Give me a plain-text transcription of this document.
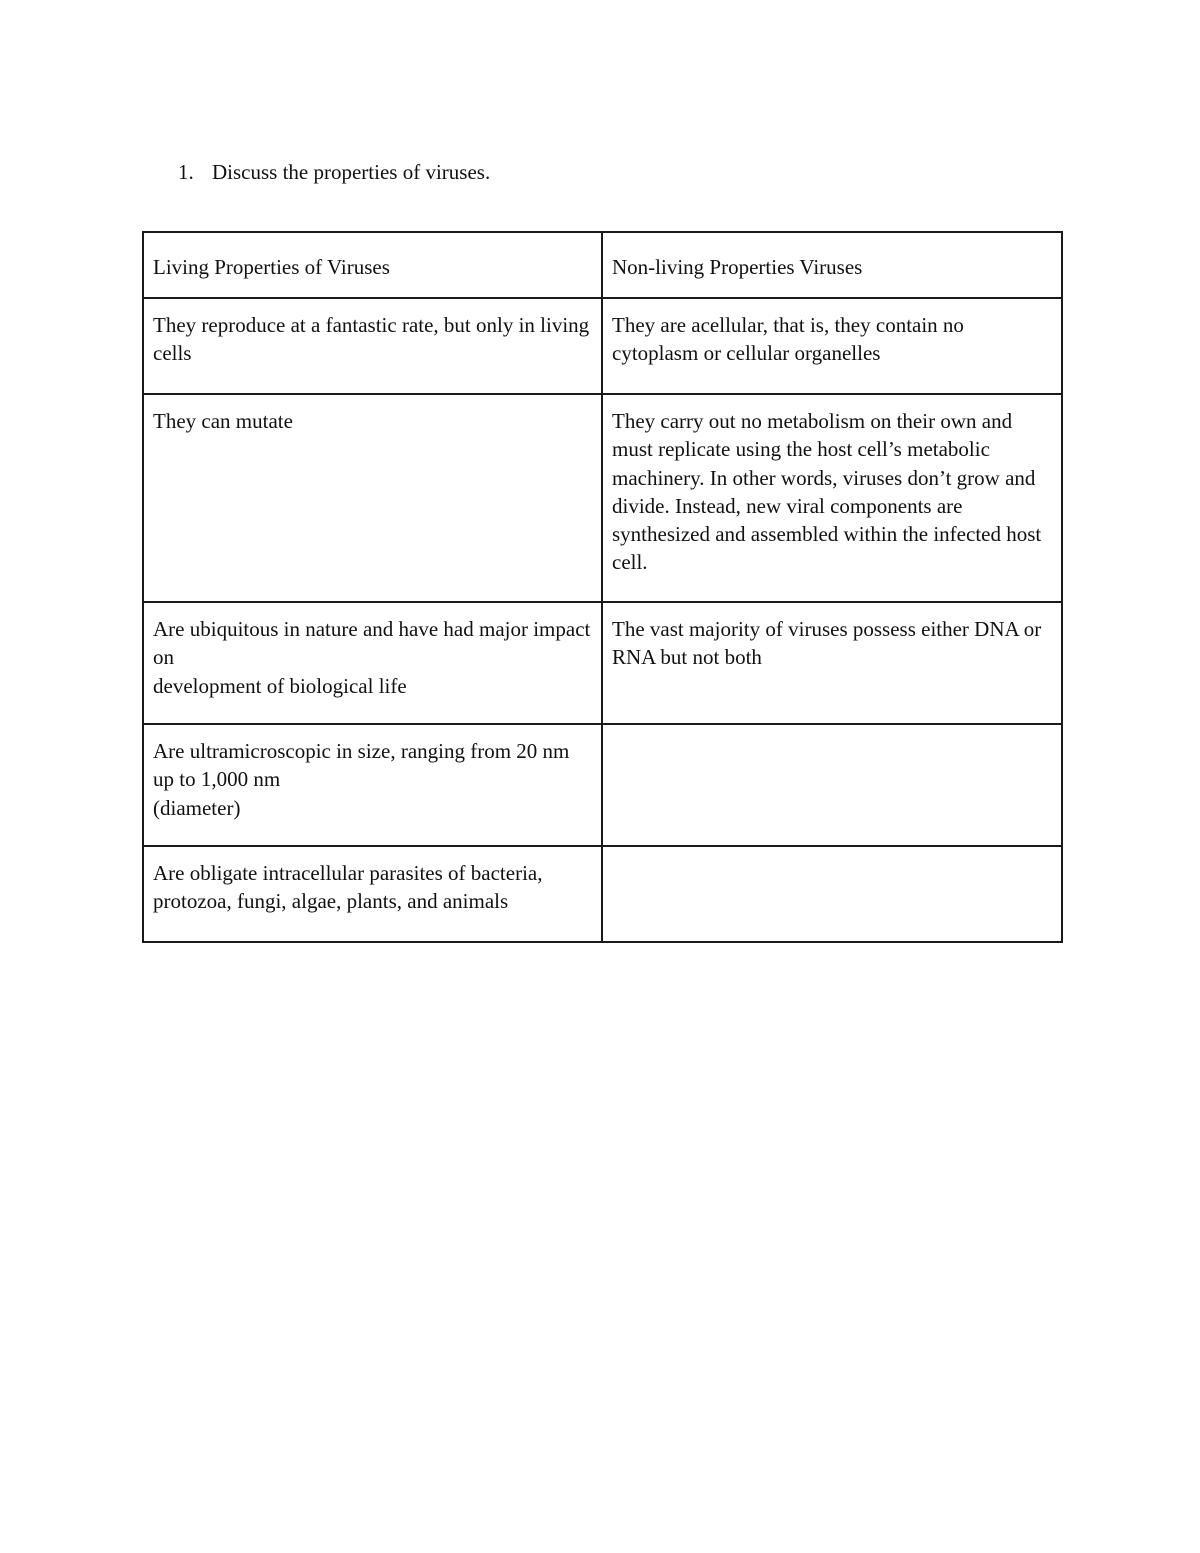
1. Discuss the properties of viruses.
Living Properties of Viruses	Non-living Properties Viruses
They reproduce at a fantastic rate, but only in living cells	They are acellular, that is, they contain no cytoplasm or cellular organelles
They can mutate	They carry out no metabolism on their own and must replicate using the host cell’s metabolic machinery. In other words, viruses don’t grow and divide. Instead, new viral components are synthesized and assembled within the infected host cell.
Are ubiquitous in nature and have had major impact on
development of biological life	The vast majority of viruses possess either DNA or RNA but not both
Are ultramicroscopic in size, ranging from 20 nm up to 1,000 nm
(diameter)	
Are obligate intracellular parasites of bacteria, protozoa, fungi, algae, plants, and animals	
